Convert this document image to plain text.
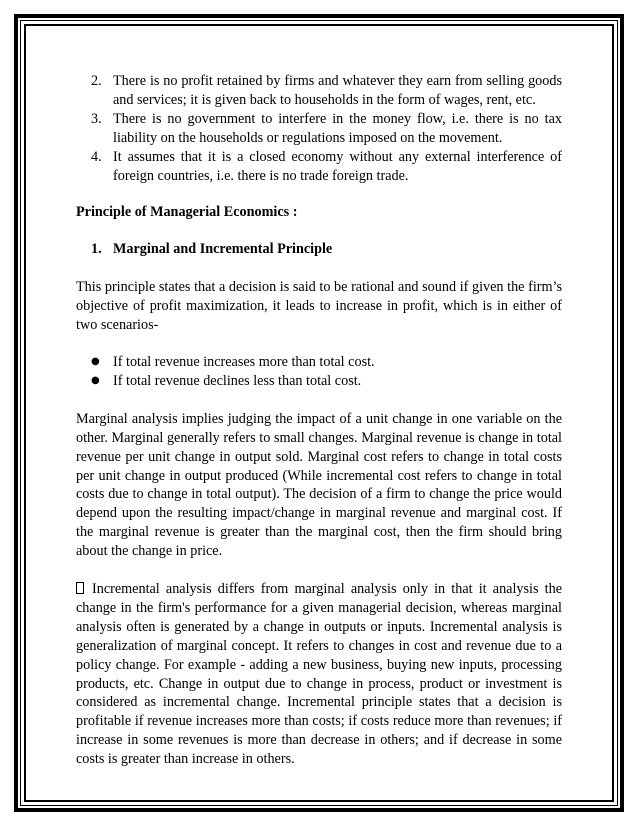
2. There is no profit retained by firms and whatever they earn from selling goods and services; it is given back to households in the form of wages, rent, etc.
3. There is no government to interfere in the money flow, i.e. there is no tax liability on the households or regulations imposed on the movement.
4. It assumes that it is a closed economy without any external interference of foreign countries, i.e. there is no trade foreign trade.
Principle of Managerial Economics :
1. Marginal and Incremental Principle
This principle states that a decision is said to be rational and sound if given the firm’s objective of profit maximization, it leads to increase in profit, which is in either of two scenarios-
● If total revenue increases more than total cost.
● If total revenue declines less than total cost.
Marginal analysis implies judging the impact of a unit change in one variable on the other. Marginal generally refers to small changes. Marginal revenue is change in total revenue per unit change in output sold. Marginal cost refers to change in total costs per unit change in output produced (While incremental cost refers to change in total costs due to change in total output). The decision of a firm to change the price would depend upon the resulting impact/change in marginal revenue and marginal cost. If the marginal revenue is greater than the marginal cost, then the firm should bring about the change in price.
Incremental analysis differs from marginal analysis only in that it analysis the change in the firm's performance for a given managerial decision, whereas marginal analysis often is generated by a change in outputs or inputs. Incremental analysis is generalization of marginal concept. It refers to changes in cost and revenue due to a policy change. For example - adding a new business, buying new inputs, processing products, etc. Change in output due to change in process, product or investment is considered as incremental change. Incremental principle states that a decision is profitable if revenue increases more than costs; if costs reduce more than revenues; if increase in some revenues is more than decrease in others; and if decrease in some costs is greater than increase in others.
